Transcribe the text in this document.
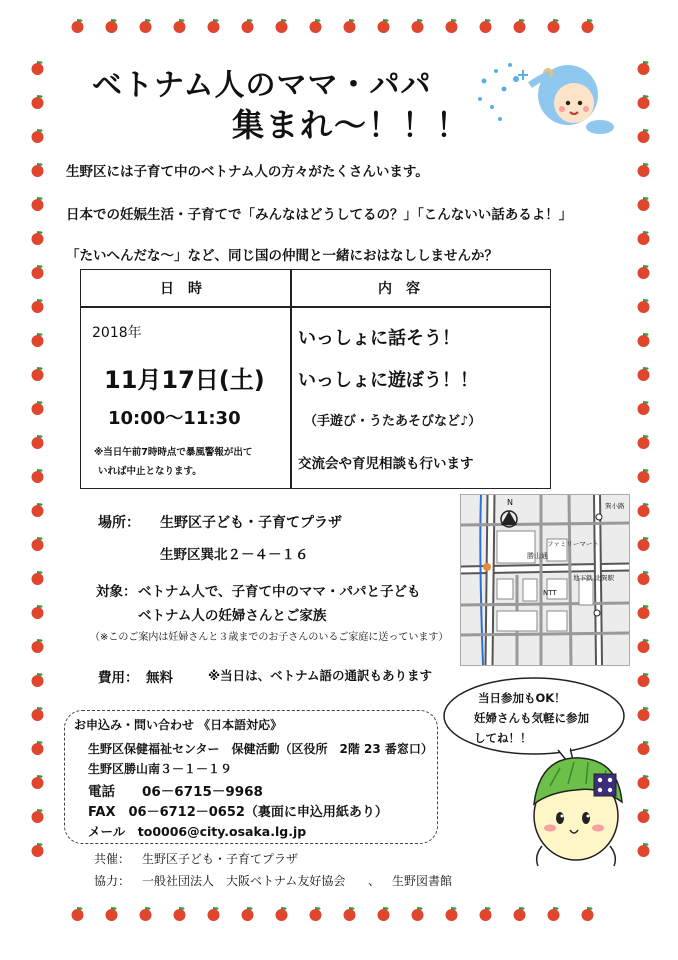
ベトナム人のママ・パパ
集まれ～！！！
生野区には子育て中のベトナム人の方々がたくさんいます。
日本での妊娠生活・子育てで「みんなはどうしてるの？」「こんないい話あるよ！」
「たいへんだな～」など、同じ国の仲間と一緒におはなししませんか？
日　時	内　容
2018年
11月17日(土)
10:00～11:30
※当日午前7時時点で暴風警報が出て
いれば中止となります。
いっしょに話そう！
いっしょに遊ぼう！！
（手遊び・うたあそびなど♪）
交流会や育児相談も行います
場所： 生野区子ども・子育てプラザ
生野区巽北２－４－１６
N
勝山通
ファミリーマート
NTT
地下鉄 北巽駅
巽小路
対象： ベトナム人で、子育て中のママ・パパと子ども
ベトナム人の妊婦さんとご家族
（※このご案内は妊婦さんと３歳までのお子さんのいるご家庭に送っています）
費用： 無料	※当日は、ベトナム語の通訳もあります
お申込み・問い合わせ 《日本語対応》
生野区保健福祉センター　保健活動（区役所　2階 23 番窓口）
生野区勝山南３－１－１９
電話　　06－6715－9968
FAX　06－6712－0652（裏面に申込用紙あり）
メール　to0006@city.osaka.lg.jp
当日参加もOK！
妊婦さんも気軽に参加
してね！！
共催： 生野区子ども・子育てプラザ
協力： 一般社団法人　大阪ベトナム友好協会 、 生野図書館
